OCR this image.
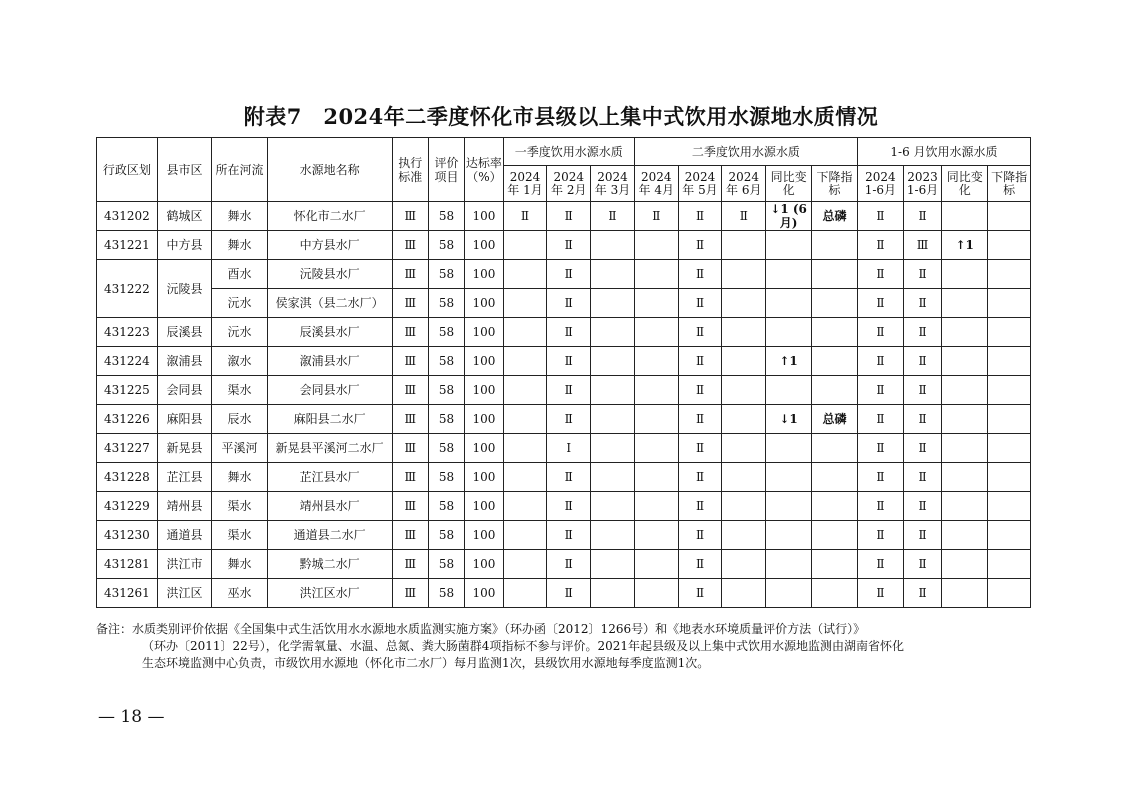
附表7　2024年二季度怀化市县级以上集中式饮用水源地水质情况
行政区划	县市区	所在河流	水源地名称	执行标准	评价项目	达标率（%）	一季度饮用水源水质			二季度饮用水源水质					1-6 月饮用水源水质			
							2024 年 1月	2024 年 2月	2024 年 3月	2024 年 4月	2024 年 5月	2024 年 6月	同比变化	下降指标	2024 1-6月	2023 1-6月	同比变化	下降指标
431202	鹤城区	舞水	怀化市二水厂	Ⅲ	58	100	Ⅱ	Ⅱ	Ⅱ	Ⅱ	Ⅱ	Ⅱ	↓1 (6月)	总磷	Ⅱ	Ⅱ		
431221	中方县	舞水	中方县水厂	Ⅲ	58	100		Ⅱ			Ⅱ				Ⅱ	Ⅲ	↑1	
431222	沅陵县	酉水	沅陵县水厂	Ⅲ	58	100		Ⅱ			Ⅱ				Ⅱ	Ⅱ		
		沅水	侯家淇（县二水厂）	Ⅲ	58	100		Ⅱ			Ⅱ				Ⅱ	Ⅱ		
431223	辰溪县	沅水	辰溪县水厂	Ⅲ	58	100		Ⅱ			Ⅱ				Ⅱ	Ⅱ		
431224	溆浦县	溆水	溆浦县水厂	Ⅲ	58	100		Ⅱ			Ⅱ		↑1		Ⅱ	Ⅱ		
431225	会同县	渠水	会同县水厂	Ⅲ	58	100		Ⅱ			Ⅱ				Ⅱ	Ⅱ		
431226	麻阳县	辰水	麻阳县二水厂	Ⅲ	58	100		Ⅱ			Ⅱ		↓1	总磷	Ⅱ	Ⅱ		
431227	新晃县	平溪河	新晃县平溪河二水厂	Ⅲ	58	100		Ⅰ			Ⅱ				Ⅱ	Ⅱ		
431228	芷江县	舞水	芷江县水厂	Ⅲ	58	100		Ⅱ			Ⅱ				Ⅱ	Ⅱ		
431229	靖州县	渠水	靖州县水厂	Ⅲ	58	100		Ⅱ			Ⅱ				Ⅱ	Ⅱ		
431230	通道县	渠水	通道县二水厂	Ⅲ	58	100		Ⅱ			Ⅱ				Ⅱ	Ⅱ		
431281	洪江市	舞水	黔城二水厂	Ⅲ	58	100		Ⅱ			Ⅱ				Ⅱ	Ⅱ		
431261	洪江区	巫水	洪江区水厂	Ⅲ	58	100		Ⅱ			Ⅱ				Ⅱ	Ⅱ		
备注： 水质类别评价依据《全国集中式生活饮用水水源地水质监测实施方案》（环办函〔2012〕1266号）和《地表水环境质量评价方法（试行）》
（环办〔2011〕22号），化学需氧量、水温、总氮、粪大肠菌群4项指标不参与评价。2021年起县级及以上集中式饮用水源地监测由湖南省怀化
生态环境监测中心负责，市级饮用水源地（怀化市二水厂）每月监测1次，县级饮用水源地每季度监测1次。
— 18 —
